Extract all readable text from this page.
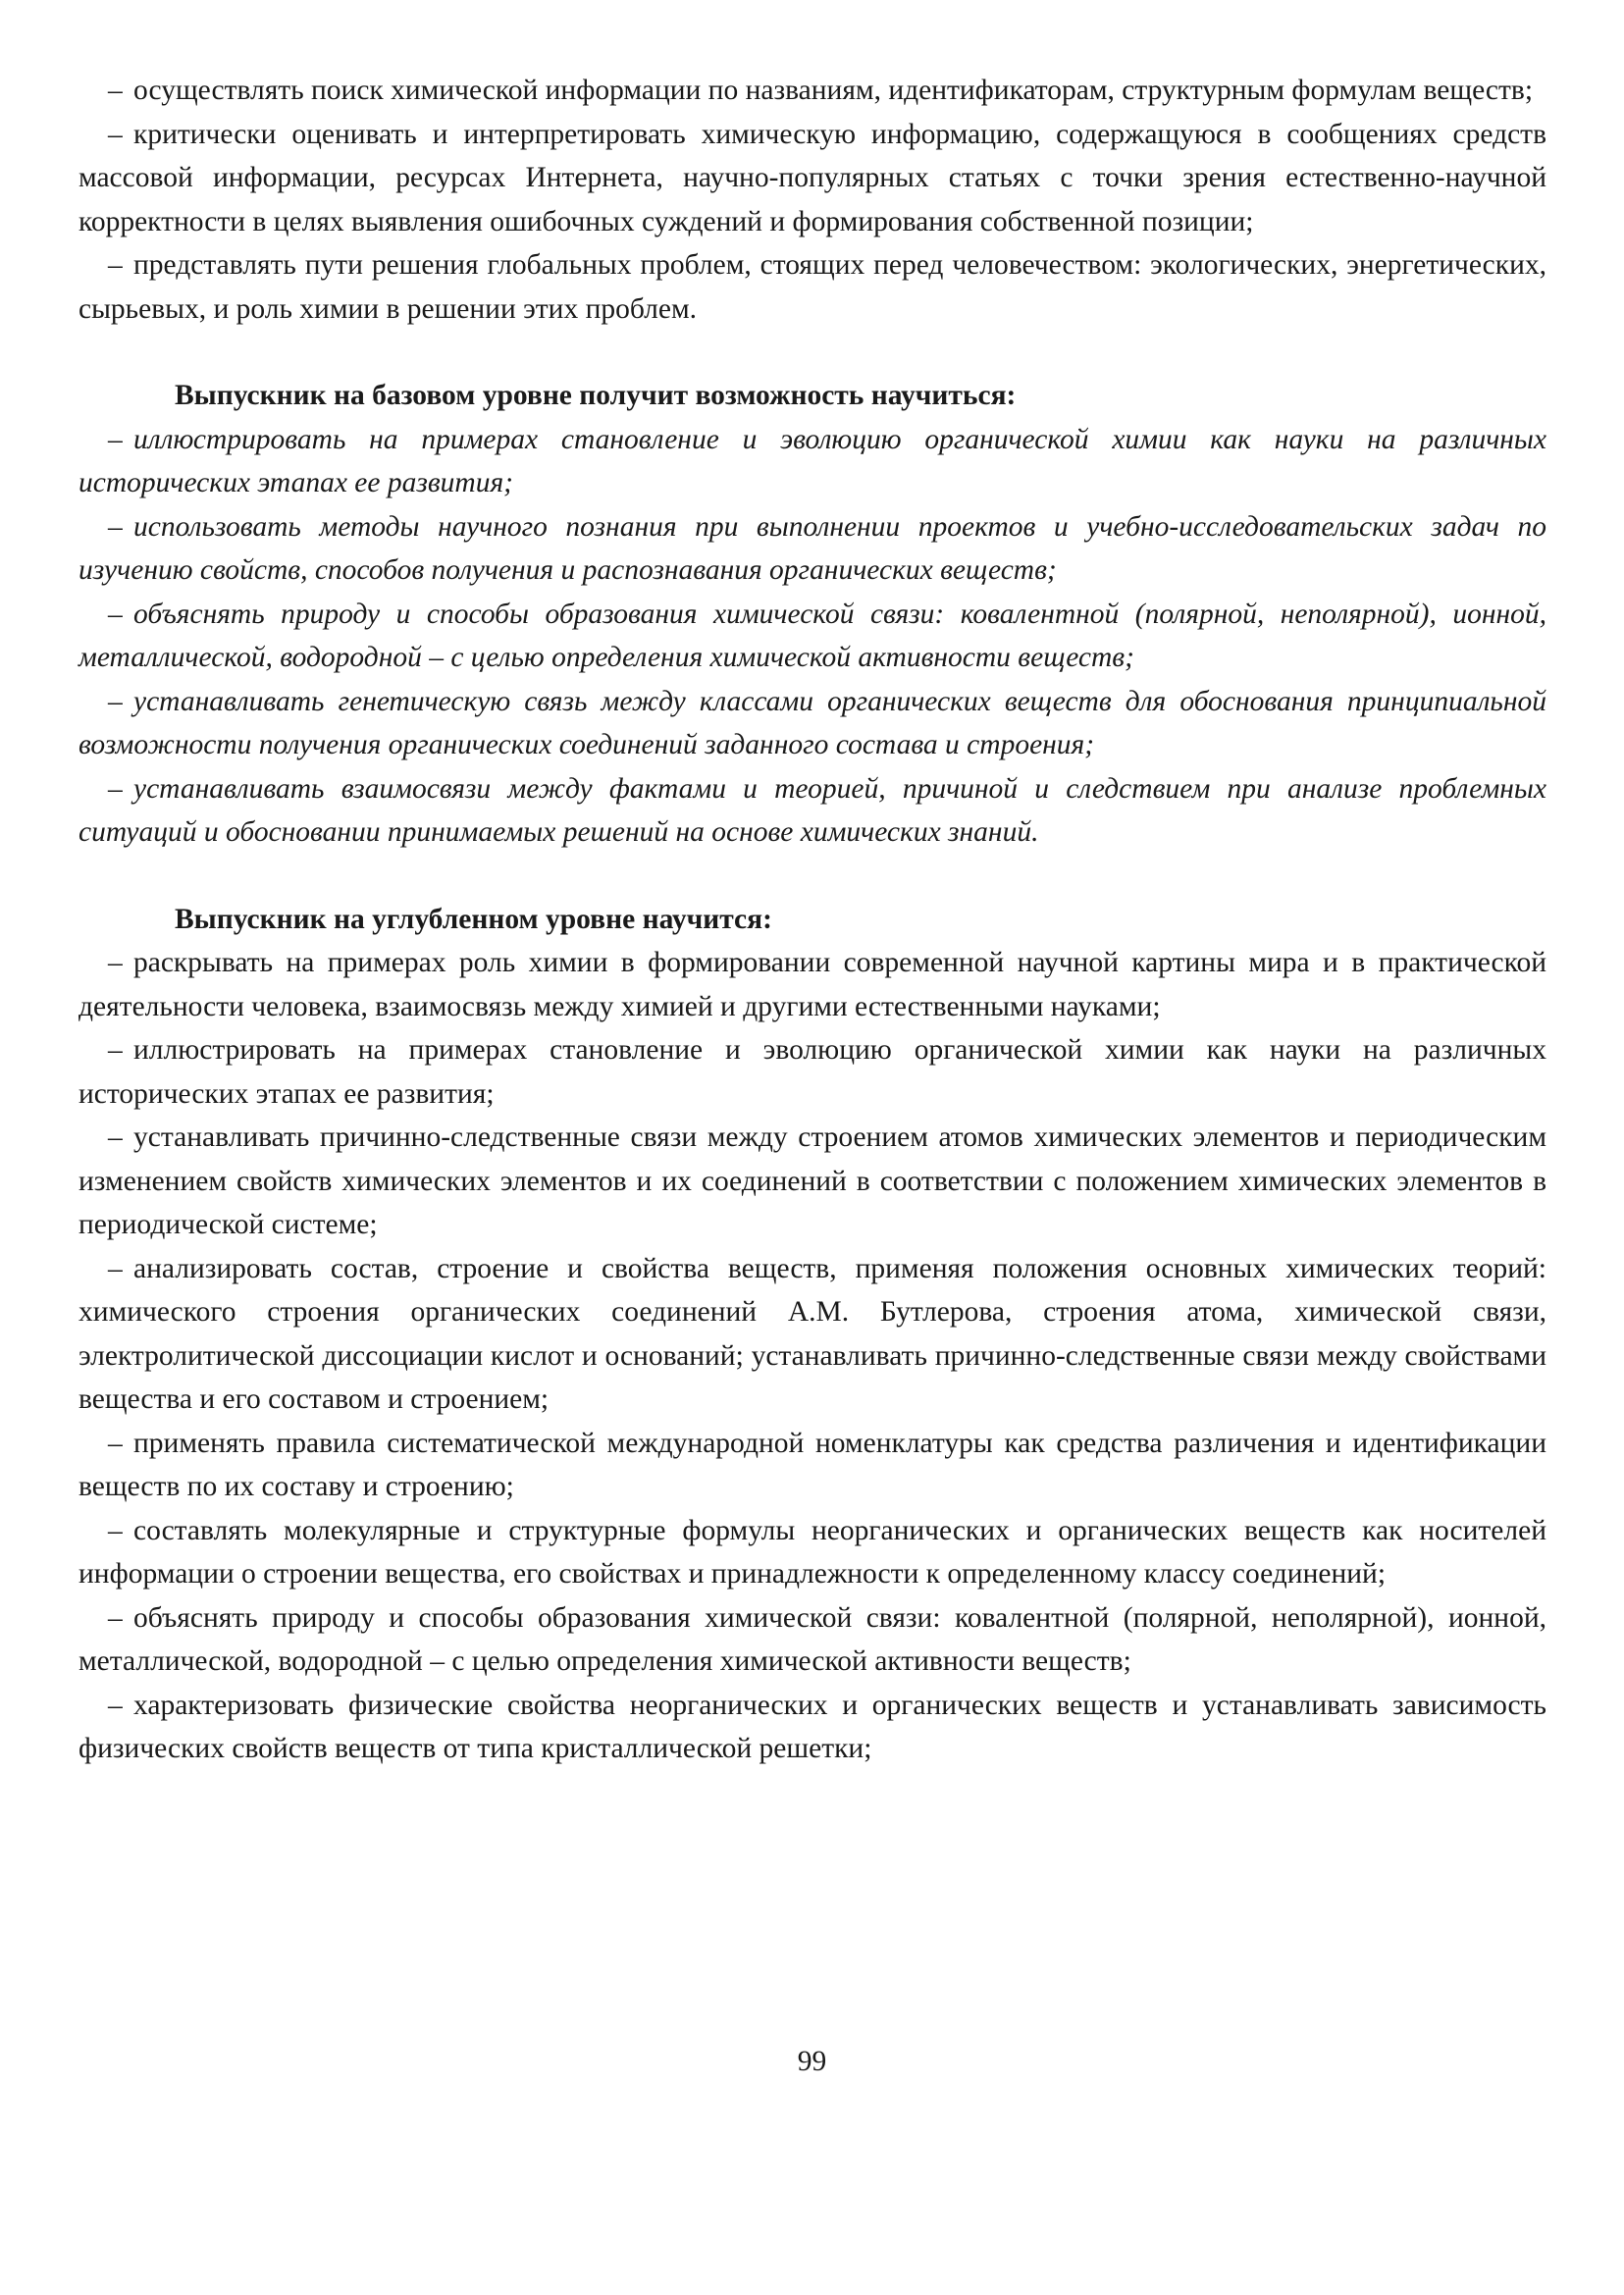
– осуществлять поиск химической информации по названиям, идентификаторам, структурным формулам веществ;

– критически оценивать и интерпретировать химическую информацию, содержащуюся в сообщениях средств массовой информации, ресурсах Интернета, научно-популярных статьях с точки зрения естественно-научной корректности в целях выявления ошибочных суждений и формирования собственной позиции;

– представлять пути решения глобальных проблем, стоящих перед человечеством: экологических, энергетических, сырьевых, и роль химии в решении этих проблем.

Выпускник на базовом уровне получит возможность научиться:

– иллюстрировать на примерах становление и эволюцию органической химии как науки на различных исторических этапах ее развития;

– использовать методы научного познания при выполнении проектов и учебно-исследовательских задач по изучению свойств, способов получения и распознавания органических веществ;

– объяснять природу и способы образования химической связи: ковалентной (полярной, неполярной), ионной, металлической, водородной – с целью определения химической активности веществ;

– устанавливать генетическую связь между классами органических веществ для обоснования принципиальной возможности получения органических соединений заданного состава и строения;

– устанавливать взаимосвязи между фактами и теорией, причиной и следствием при анализе проблемных ситуаций и обосновании принимаемых решений на основе химических знаний.

Выпускник на углубленном уровне научится:

– раскрывать на примерах роль химии в формировании современной научной картины мира и в практической деятельности человека, взаимосвязь между химией и другими естественными науками;

– иллюстрировать на примерах становление и эволюцию органической химии как науки на различных исторических этапах ее развития;

– устанавливать причинно-следственные связи между строением атомов химических элементов и периодическим изменением свойств химических элементов и их соединений в соответствии с положением химических элементов в периодической системе;

– анализировать состав, строение и свойства веществ, применяя положения основных химических теорий: химического строения органических соединений А.М. Бутлерова, строения атома, химической связи, электролитической диссоциации кислот и оснований; устанавливать причинно-следственные связи между свойствами вещества и его составом и строением;

– применять правила систематической международной номенклатуры как средства различения и идентификации веществ по их составу и строению;

– составлять молекулярные и структурные формулы неорганических и органических веществ как носителей информации о строении вещества, его свойствах и принадлежности к определенному классу соединений;

– объяснять природу и способы образования химической связи: ковалентной (полярной, неполярной), ионной, металлической, водородной – с целью определения химической активности веществ;

– характеризовать физические свойства неорганических и органических веществ и устанавливать зависимость физических свойств веществ от типа кристаллической решетки;

99
